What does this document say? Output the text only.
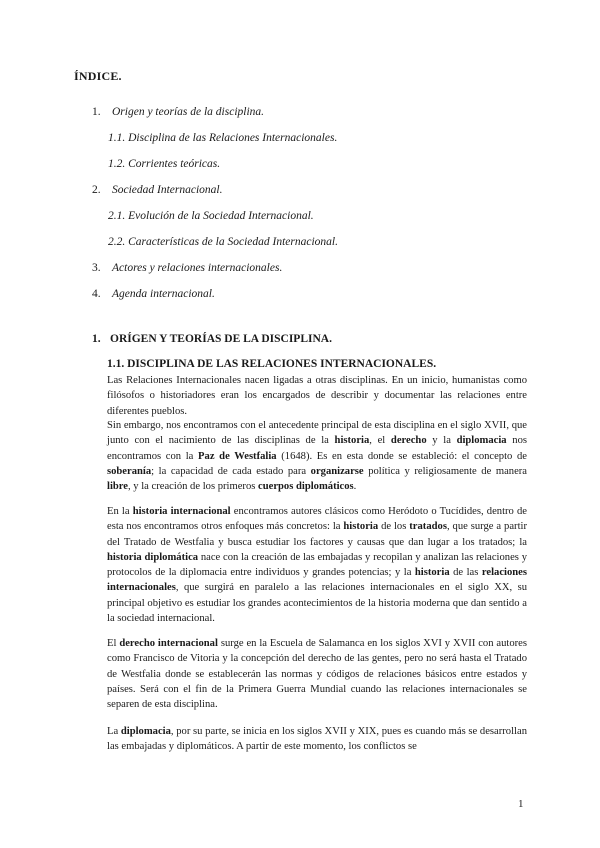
ÍNDICE.
1. Origen y teorías de la disciplina.
1.1. Disciplina de las Relaciones Internacionales.
1.2. Corrientes teóricas.
2. Sociedad Internacional.
2.1. Evolución de la Sociedad Internacional.
2.2. Características de la Sociedad Internacional.
3. Actores y relaciones internacionales.
4. Agenda internacional.
1. ORÍGEN Y TEORÍAS DE LA DISCIPLINA.
1.1. DISCIPLINA DE LAS RELACIONES INTERNACIONALES.
Las Relaciones Internacionales nacen ligadas a otras disciplinas. En un inicio, humanistas como filósofos o historiadores eran los encargados de describir y documentar las relaciones entre diferentes pueblos.
Sin embargo, nos encontramos con el antecedente principal de esta disciplina en el siglo XVII, que junto con el nacimiento de las disciplinas de la historia, el derecho y la diplomacia nos encontramos con la Paz de Westfalia (1648). Es en esta donde se estableció: el concepto de soberanía; la capacidad de cada estado para organizarse política y religiosamente de manera libre, y la creación de los primeros cuerpos diplomáticos.
En la historia internacional encontramos autores clásicos como Heródoto o Tucídides, dentro de esta nos encontramos otros enfoques más concretos: la historia de los tratados, que surge a partir del Tratado de Westfalia y busca estudiar los factores y causas que dan lugar a los tratados; la historia diplomática nace con la creación de las embajadas y recopilan y analizan las relaciones y protocolos de la diplomacia entre individuos y grandes potencias; y la historia de las relaciones internacionales, que surgirá en paralelo a las relaciones internacionales en el siglo XX, su principal objetivo es estudiar los grandes acontecimientos de la historia moderna que dan sentido a la sociedad internacional.
El derecho internacional surge en la Escuela de Salamanca en los siglos XVI y XVII con autores como Francisco de Vitoria y la concepción del derecho de las gentes, pero no será hasta el Tratado de Westfalia donde se establecerán las normas y códigos de relaciones básicos entre estados y países. Será con el fin de la Primera Guerra Mundial cuando las relaciones internacionales se separen de esta disciplina.
La diplomacia, por su parte, se inicia en los siglos XVII y XIX, pues es cuando más se desarrollan las embajadas y diplomáticos. A partir de este momento, los conflictos se
1
